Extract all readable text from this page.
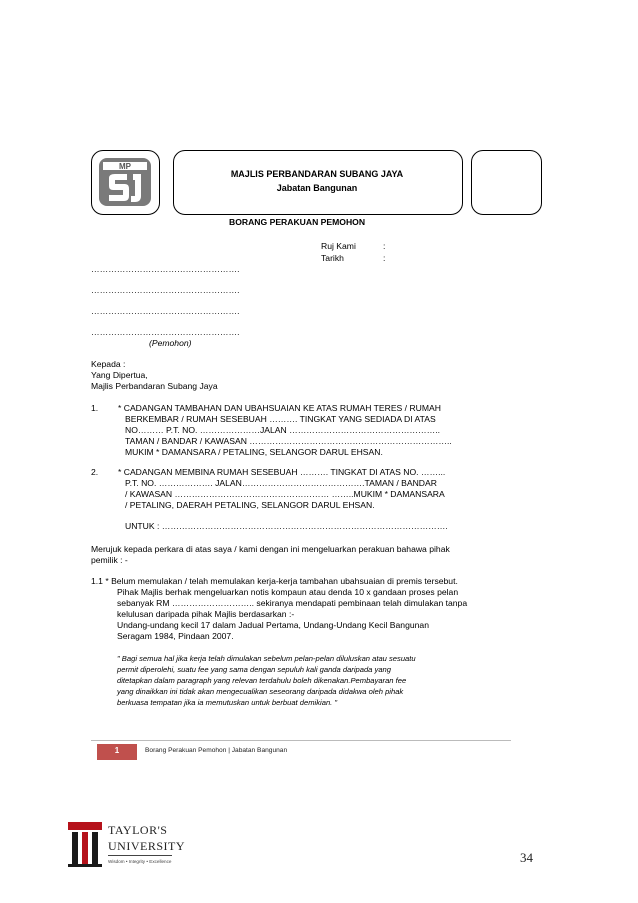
MP
MAJLIS PERBANDARAN SUBANG JAYA
Jabatan Bangunan
BORANG PERAKUAN PEMOHON
Ruj Kami	:
Tarikh	:
…………………………………………….
…………………………………………….
…………………………………………….
…………………………………………….
(Pemohon)
Kepada :
Yang Dipertua,
Majlis Perbandaran Subang Jaya
1. * CADANGAN TAMBAHAN DAN UBAHSUAIAN KE ATAS RUMAH TERES / RUMAH
BERKEMBAR / RUMAH SESEBUAH ………. TINGKAT YANG SEDIADA DI ATAS
NO……… P.T. NO. …………………JALAN ……………………………………………..
TAMAN / BANDAR / KAWASAN ……………………………………………………………..
MUKIM * DAMANSARA / PETALING, SELANGOR DARUL EHSAN.
2. * CADANGAN MEMBINA RUMAH SESEBUAH ………. TINGKAT DI ATAS NO. ……...
P.T. NO. ………………. JALAN…………………………………….TAMAN / BANDAR
/ KAWASAN ……………………………………………… ……..MUKIM * DAMANSARA
/ PETALING, DAERAH PETALING, SELANGOR DARUL EHSAN.
UNTUK : ……………………………………………………………………………………….
Merujuk kepada perkara di atas saya / kami dengan ini mengeluarkan perakuan bahawa pihak
pemilik : -
1.1 * Belum memulakan / telah memulakan kerja-kerja tambahan ubahsuaian di premis tersebut.
Pihak Majlis berhak mengeluarkan notis kompaun atau denda 10 x gandaan proses pelan
sebanyak RM ……………………….. sekiranya mendapati pembinaan telah dimulakan tanpa
kelulusan daripada pihak Majlis berdasarkan :-
Undang-undang kecil 17 dalam Jadual Pertama, Undang-Undang Kecil Bangunan
Seragam 1984, Pindaan 2007.
" Bagi semua hal jika kerja telah dimulakan sebelum pelan-pelan diluluskan atau sesuatu
permit diperolehi, suatu fee yang sama dengan sepuluh kali ganda daripada yang
ditetapkan dalam paragraph yang relevan terdahulu boleh dikenakan.Pembayaran fee
yang dinaikkan ini tidak akan mengecualikan seseorang daripada didakwa oleh pihak
berkuasa tempatan jika ia memutuskan untuk berbuat demikian. "
1	Borang Perakuan Pemohon | Jabatan Bangunan
TAYLOR'S
UNIVERSITY
Wisdom • Integrity • Excellence	34
